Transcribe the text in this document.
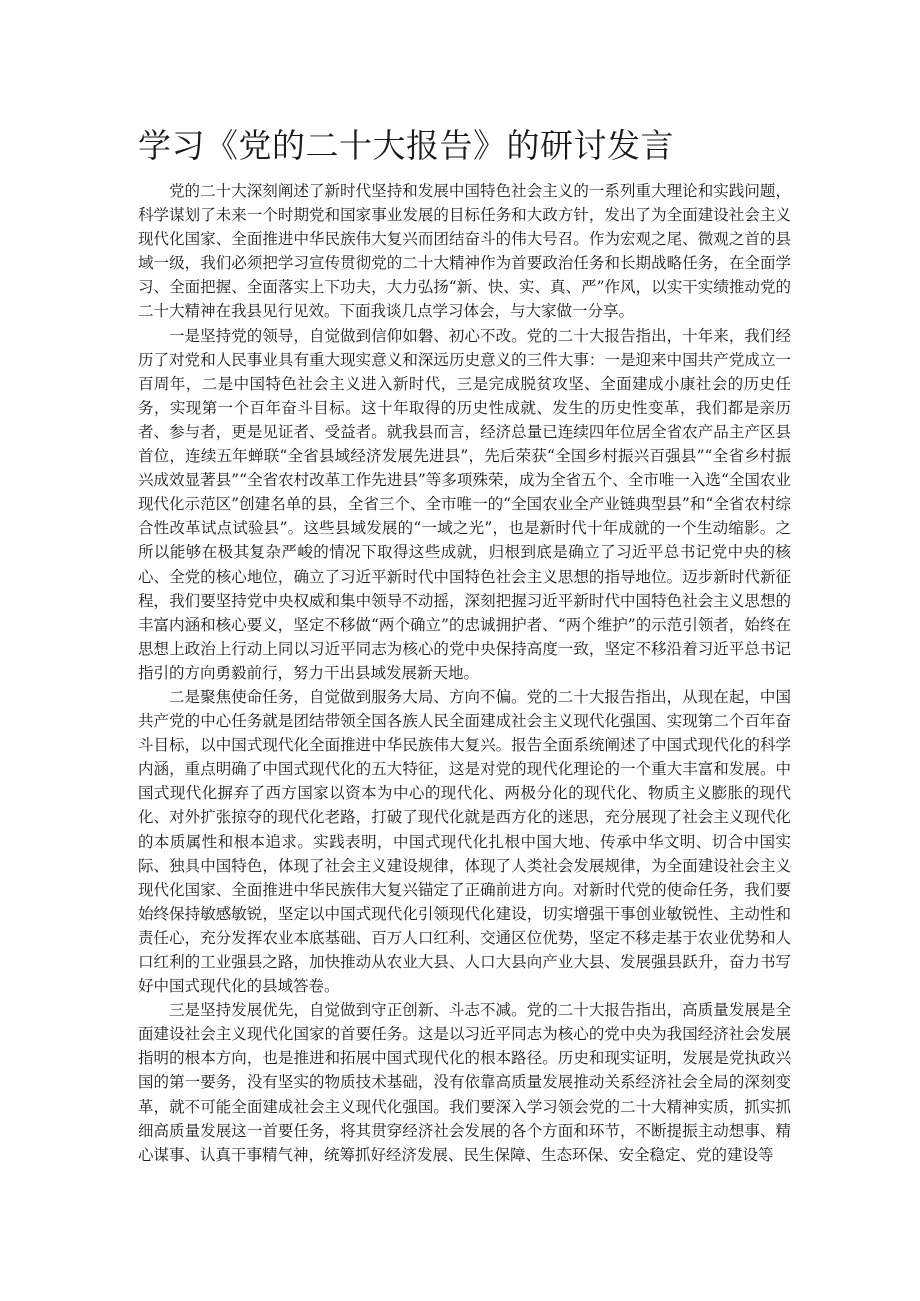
学习《党的二十大报告》的研讨发言

党的二十大深刻阐述了新时代坚持和发展中国特色社会主义的一系列重大理论和实践问题，科学谋划了未来一个时期党和国家事业发展的目标任务和大政方针，发出了为全面建设社会主义现代化国家、全面推进中华民族伟大复兴而团结奋斗的伟大号召。作为宏观之尾、微观之首的县域一级，我们必须把学习宣传贯彻党的二十大精神作为首要政治任务和长期战略任务，在全面学习、全面把握、全面落实上下功夫，大力弘扬“新、快、实、真、严”作风，以实干实绩推动党的二十大精神在我县见行见效。下面我谈几点学习体会，与大家做一分享。

一是坚持党的领导，自觉做到信仰如磐、初心不改。党的二十大报告指出，十年来，我们经历了对党和人民事业具有重大现实意义和深远历史意义的三件大事：一是迎来中国共产党成立一百周年，二是中国特色社会主义进入新时代，三是完成脱贫攻坚、全面建成小康社会的历史任务，实现第一个百年奋斗目标。这十年取得的历史性成就、发生的历史性变革，我们都是亲历者、参与者，更是见证者、受益者。就我县而言，经济总量已连续四年位居全省农产品主产区县首位，连续五年蝉联“全省县域经济发展先进县”，先后荣获“全国乡村振兴百强县”“全省乡村振兴成效显著县”“全省农村改革工作先进县”等多项殊荣，成为全省五个、全市唯一入选“全国农业现代化示范区”创建名单的县，全省三个、全市唯一的“全国农业全产业链典型县”和“全省农村综合性改革试点试验县”。这些县域发展的“一域之光”，也是新时代十年成就的一个生动缩影。之所以能够在极其复杂严峻的情况下取得这些成就，归根到底是确立了习近平总书记党中央的核心、全党的核心地位，确立了习近平新时代中国特色社会主义思想的指导地位。迈步新时代新征程，我们要坚持党中央权威和集中领导不动摇，深刻把握习近平新时代中国特色社会主义思想的丰富内涵和核心要义，坚定不移做“两个确立”的忠诚拥护者、“两个维护”的示范引领者，始终在思想上政治上行动上同以习近平同志为核心的党中央保持高度一致，坚定不移沿着习近平总书记指引的方向勇毅前行，努力干出县域发展新天地。

二是聚焦使命任务，自觉做到服务大局、方向不偏。党的二十大报告指出，从现在起，中国共产党的中心任务就是团结带领全国各族人民全面建成社会主义现代化强国、实现第二个百年奋斗目标，以中国式现代化全面推进中华民族伟大复兴。报告全面系统阐述了中国式现代化的科学内涵，重点明确了中国式现代化的五大特征，这是对党的现代化理论的一个重大丰富和发展。中国式现代化摒弃了西方国家以资本为中心的现代化、两极分化的现代化、物质主义膨胀的现代化、对外扩张掠夺的现代化老路，打破了现代化就是西方化的迷思，充分展现了社会主义现代化的本质属性和根本追求。实践表明，中国式现代化扎根中国大地、传承中华文明、切合中国实际、独具中国特色，体现了社会主义建设规律，体现了人类社会发展规律，为全面建设社会主义现代化国家、全面推进中华民族伟大复兴锚定了正确前进方向。对新时代党的使命任务，我们要始终保持敏感敏锐，坚定以中国式现代化引领现代化建设，切实增强干事创业敏锐性、主动性和责任心，充分发挥农业本底基础、百万人口红利、交通区位优势，坚定不移走基于农业优势和人口红利的工业强县之路，加快推动从农业大县、人口大县向产业大县、发展强县跃升，奋力书写好中国式现代化的县域答卷。

三是坚持发展优先，自觉做到守正创新、斗志不减。党的二十大报告指出，高质量发展是全面建设社会主义现代化国家的首要任务。这是以习近平同志为核心的党中央为我国经济社会发展指明的根本方向，也是推进和拓展中国式现代化的根本路径。历史和现实证明，发展是党执政兴国的第一要务，没有坚实的物质技术基础，没有依靠高质量发展推动关系经济社会全局的深刻变革，就不可能全面建成社会主义现代化强国。我们要深入学习领会党的二十大精神实质，抓实抓细高质量发展这一首要任务，将其贯穿经济社会发展的各个方面和环节，不断提振主动想事、精心谋事、认真干事精气神，统筹抓好经济发展、民生保障、生态环保、安全稳定、党的建设等
